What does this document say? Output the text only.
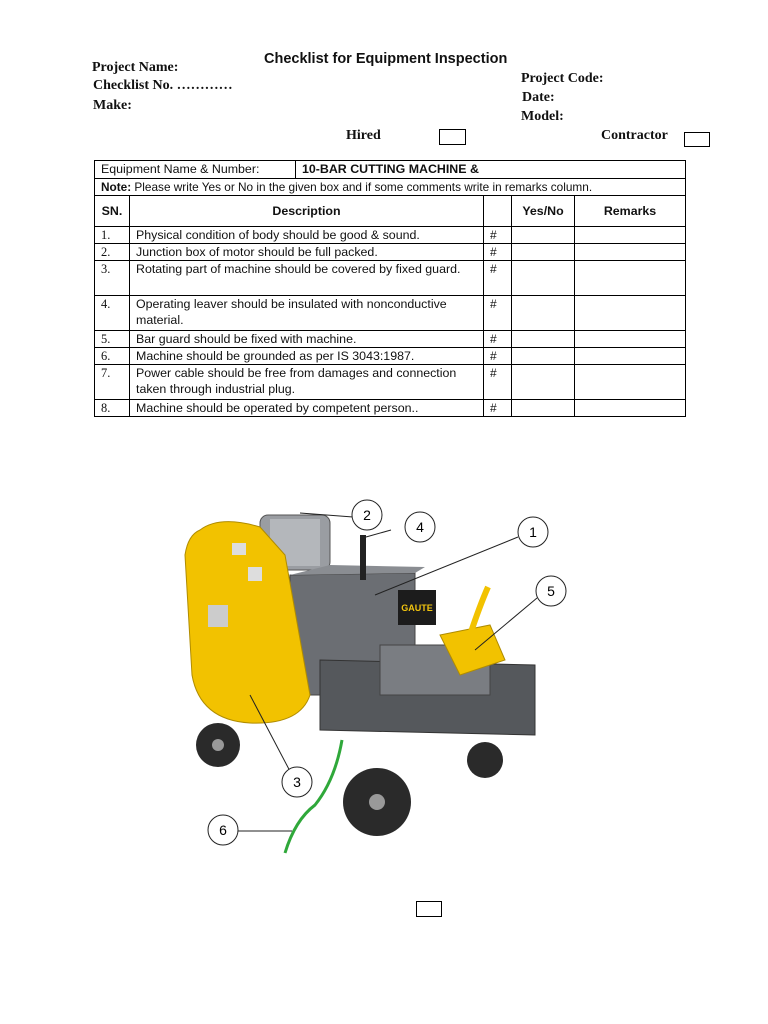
Checklist for Equipment Inspection
Project Name:
Checklist No. …………
Make:
Project Code:
Date:
Model:
Hired	Contractor
Equipment Name & Number:		10-BAR CUTTING MACHINE &			
Note: Please write Yes or No in the given box and if some comments write in remarks column.					
SN.	Description			Yes/No	Remarks
1.	Physical condition of body should be good & sound.		#		
2.	Junction box of motor should be full packed.		#		
3.	Rotating part of machine should be covered by fixed guard.		#		
4.	Operating leaver should be insulated with nonconductive material.		#		
5.	Bar guard should be fixed with machine.		#		
6.	Machine should be grounded as per IS 3043:1987.		#		
7.	Power cable should be free from damages and connection taken through industrial plug.		#		
8.	Machine should be operated by competent person..		#		
GAUTE
1
2
3
4
5
6
